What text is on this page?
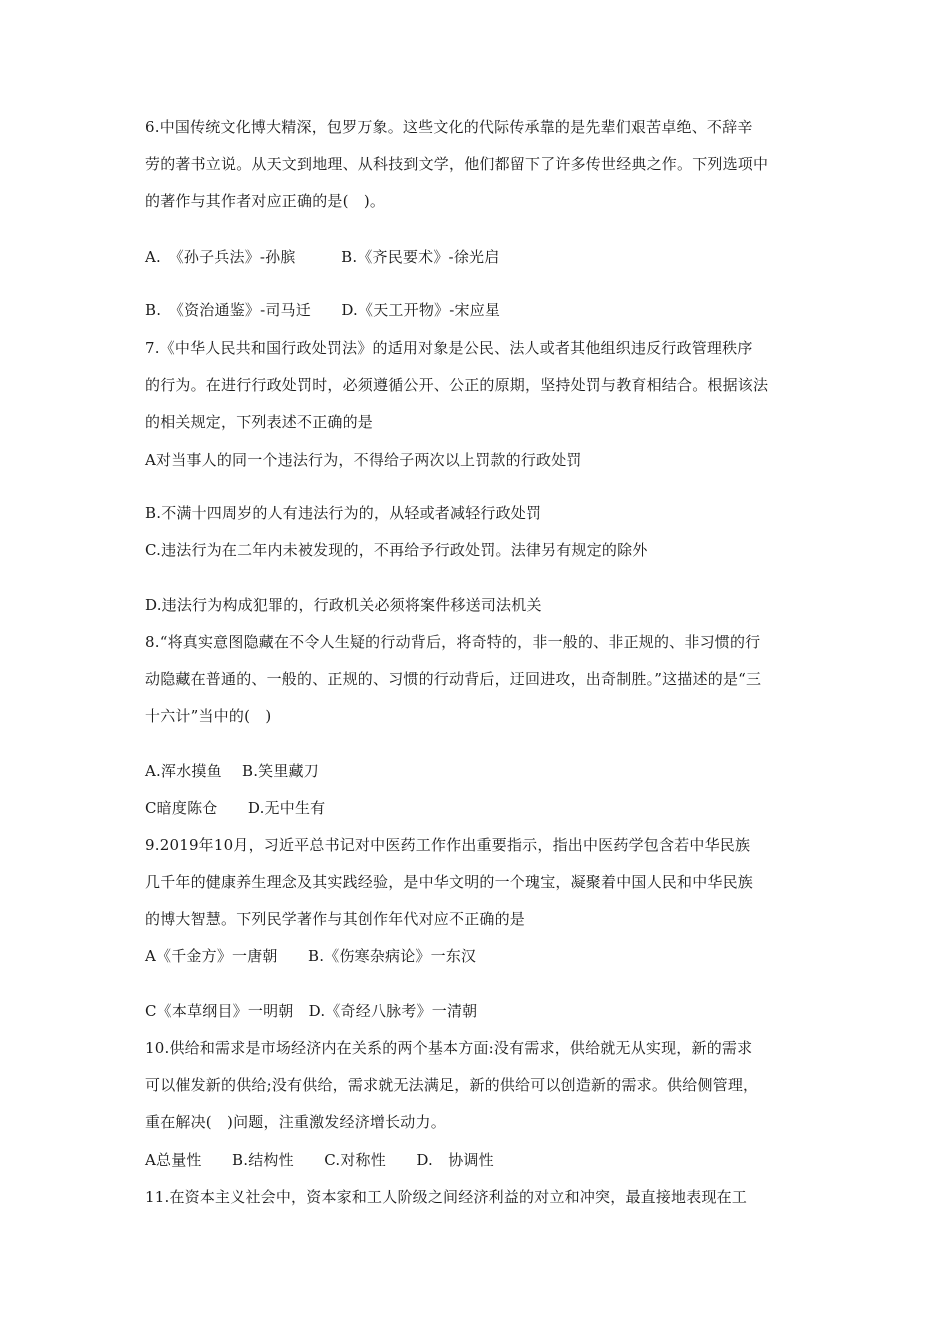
6.中国传统文化博大精深，包罗万象。这些文化的代际传承靠的是先辈们艰苦卓绝、不辞辛
劳的著书立说。从天文到地理、从科技到文学，他们都留下了许多传世经典之作。下列选项中
的著作与其作者对应正确的是(　)。
A.　《孙子兵法》-孙膑　　　B.《齐民要术》-徐光启
B.　《资治通鉴》-司马迁　　D.《天工开物》-宋应星
7.《中华人民共和国行政处罚法》的适用对象是公民、法人或者其他组织违反行政管理秩序
的行为。在进行行政处罚时，必须遵循公开、公正的原期，坚持处罚与教育相结合。根据该法
的相关规定，下列表述不正确的是
A对当事人的同一个违法行为，不得给子两次以上罚款的行政处罚
B.不满十四周岁的人有违法行为的，从轻或者减轻行政处罚
C.违法行为在二年内未被发现的，不再给予行政处罚。法律另有规定的除外
D.违法行为构成犯罪的，行政机关必须将案件移送司法机关
8.“将真实意图隐藏在不令人生疑的行动背后，将奇特的，非一般的、非正规的、非习惯的行
动隐藏在普通的、一般的、正规的、习惯的行动背后，迂回进攻，出奇制胜。”这描述的是“三
十六计”当中的(　)
A.浑水摸鱼　 B.笑里藏刀
C暗度陈仓　　D.无中生有
9.2019年10月，习近平总书记对中医药工作作出重要指示，指出中医药学包含若中华民族
几千年的健康养生理念及其实践经验，是中华文明的一个瑰宝，凝聚着中国人民和中华民族
的博大智慧。下列民学著作与其创作年代对应不正确的是
A《千金方》一唐朝　　B.《伤寒杂病论》一东汉
C《本草纲目》一明朝　D.《奇经八脉考》一清朝
10.供给和需求是市场经济内在关系的两个基本方面:没有需求，供给就无从实现，新的需求
可以催发新的供给;没有供给，需求就无法满足，新的供给可以创造新的需求。供给侧管理，
重在解决(　)问题，注重激发经济增长动力。
A总量性　　B.结构性　　C.对称性　　D.　协调性
11.在资本主义社会中，资本家和工人阶级之间经济利益的对立和冲突，最直接地表现在工
